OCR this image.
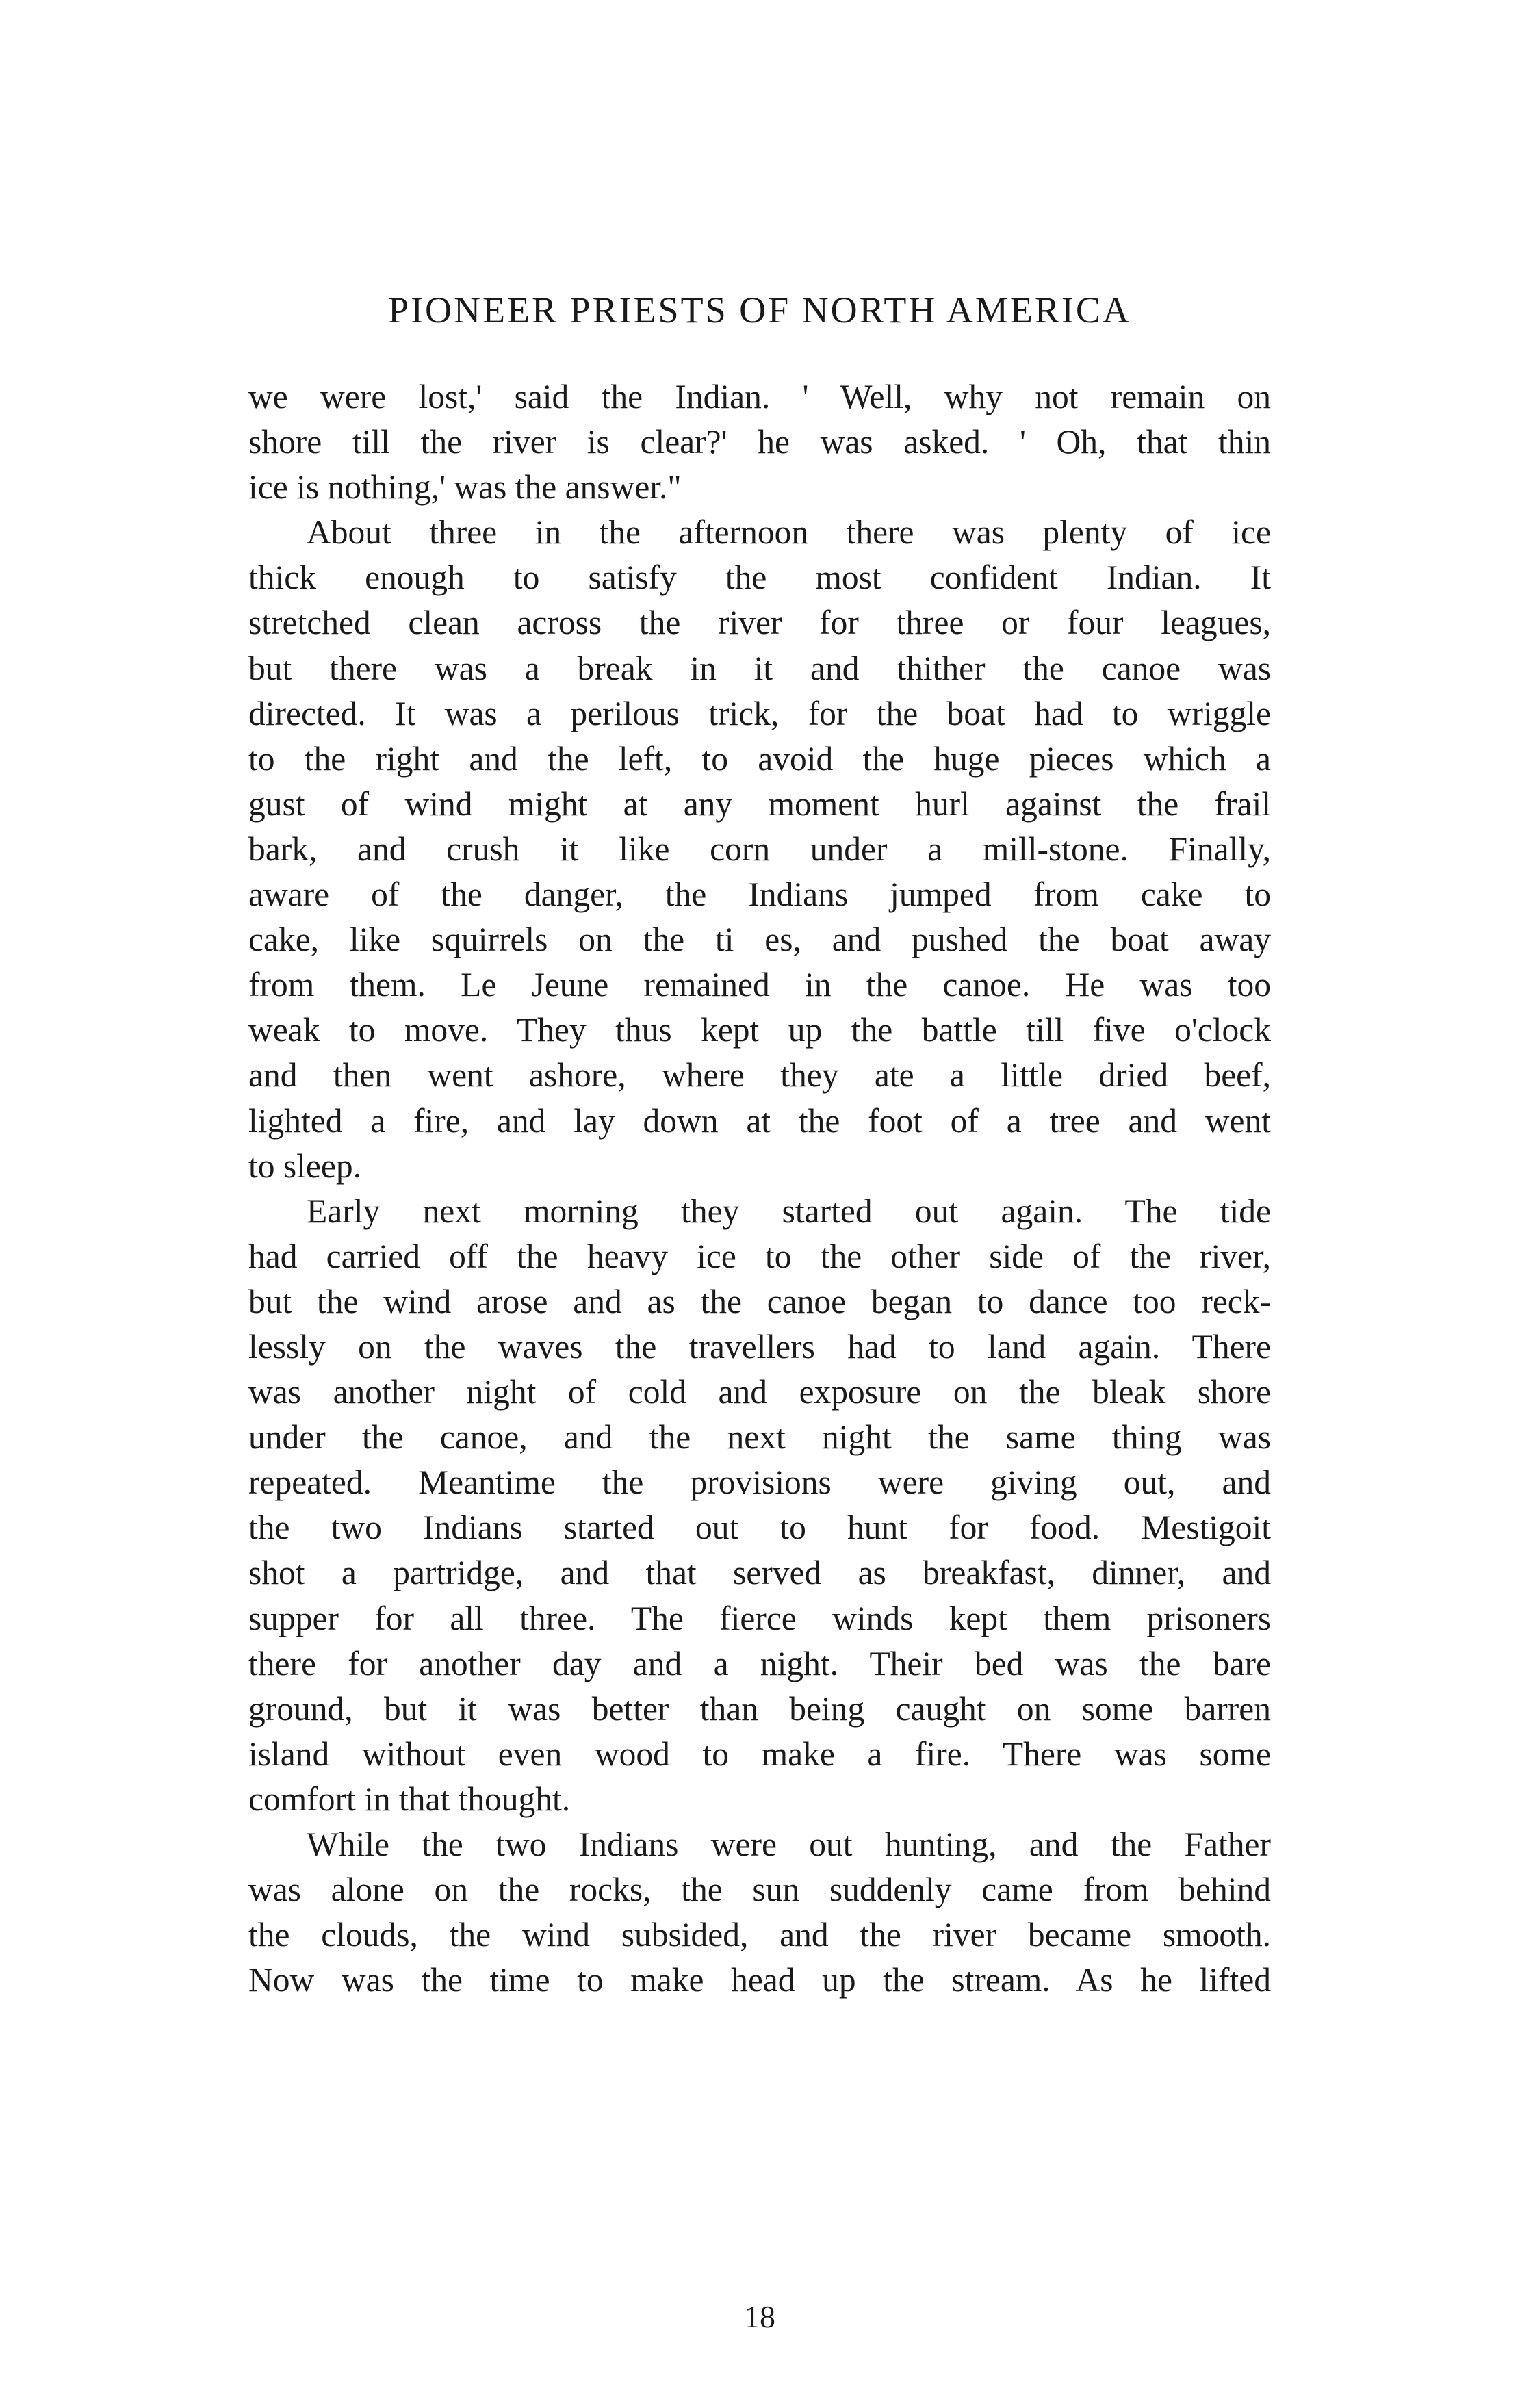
PIONEER PRIESTS OF NORTH AMERICA

we were lost,' said the Indian. ' Well, why not remain on
shore till the river is clear?' he was asked. ' Oh, that thin
ice is nothing,' was the answer."

About three in the afternoon there was plenty of ice
thick enough to satisfy the most confident Indian. It
stretched clean across the river for three or four leagues,
but there was a break in it and thither the canoe was
directed. It was a perilous trick, for the boat had to wriggle
to the right and the left, to avoid the huge pieces which a
gust of wind might at any moment hurl against the frail
bark, and crush it like corn under a mill-stone. Finally,
aware of the danger, the Indians jumped from cake to
cake, like squirrels on the ti es, and pushed the boat away
from them. Le Jeune remained in the canoe. He was too
weak to move. They thus kept up the battle till five o'clock
and then went ashore, where they ate a little dried beef,
lighted a fire, and lay down at the foot of a tree and went
to sleep.

Early next morning they started out again. The tide
had carried off the heavy ice to the other side of the river,
but the wind arose and as the canoe began to dance too reck-
lessly on the waves the travellers had to land again. There
was another night of cold and exposure on the bleak shore
under the canoe, and the next night the same thing was
repeated. Meantime the provisions were giving out, and
the two Indians started out to hunt for food. Mestigoit
shot a partridge, and that served as breakfast, dinner, and
supper for all three. The fierce winds kept them prisoners
there for another day and a night. Their bed was the bare
ground, but it was better than being caught on some barren
island without even wood to make a fire. There was some
comfort in that thought.

While the two Indians were out hunting, and the Father
was alone on the rocks, the sun suddenly came from behind
the clouds, the wind subsided, and the river became smooth.
Now was the time to make head up the stream. As he lifted

18
